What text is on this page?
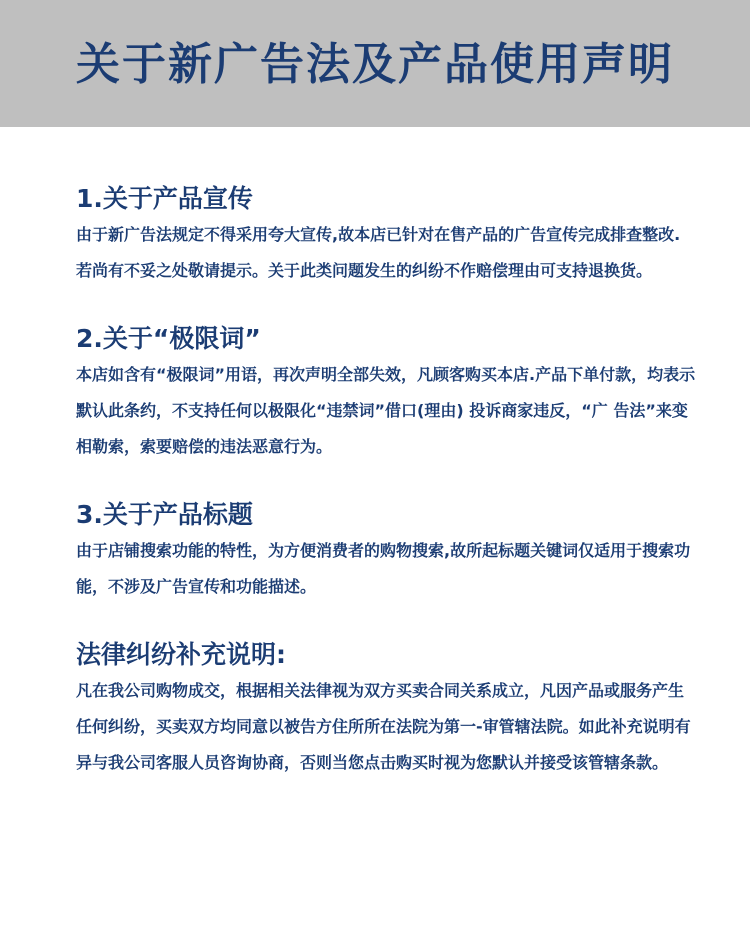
关于新广告法及产品使用声明
1.关于产品宣传

由于新广告法规定不得采用夸大宣传,故本店已针对在售产品的广告宣传完成排查整改.若尚有不妥之处敬请提示。关于此类问题发生的纠纷不作赔偿理由可支持退换货。

2.关于“极限词”

本店如含有“极限词”用语，再次声明全部失效，凡顾客购买本店.产品下单付款，均表示默认此条约，不支持任何以极限化“违禁词”借口(理由) 投诉商家违反，“广 告法”来变相勒索，索要赔偿的违法恶意行为。

3.关于产品标题

由于店铺搜索功能的特性，为方便消费者的购物搜索,故所起标题关键词仅适用于搜索功能，不涉及广告宣传和功能描述。

法律纠纷补充说明:

凡在我公司购物成交，根据相关法律视为双方买卖合同关系成立，凡因产品或服务产生任何纠纷，买卖双方均同意以被告方住所所在法院为第一-审管辖法院。如此补充说明有异与我公司客服人员咨询协商，否则当您点击购买时视为您默认并接受该管辖条款。
